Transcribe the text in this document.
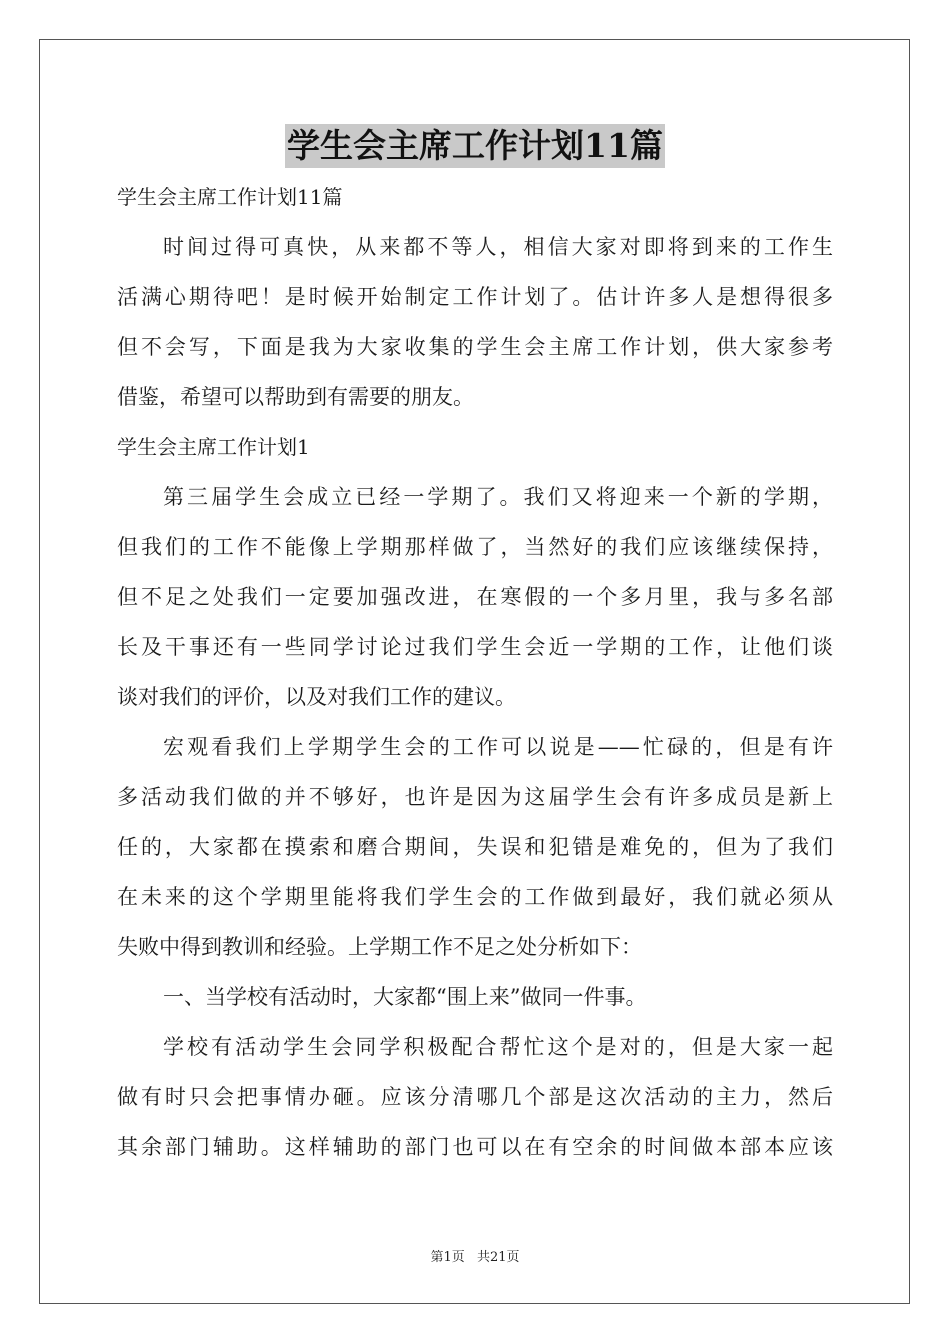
学生会主席工作计划11篇

学生会主席工作计划11篇

时间过得可真快，从来都不等人，相信大家对即将到来的工作生

活满心期待吧！是时候开始制定工作计划了。估计许多人是想得很多

但不会写，下面是我为大家收集的学生会主席工作计划，供大家参考

借鉴，希望可以帮助到有需要的朋友。

学生会主席工作计划1

第三届学生会成立已经一学期了。我们又将迎来一个新的学期，

但我们的工作不能像上学期那样做了，当然好的我们应该继续保持，

但不足之处我们一定要加强改进，在寒假的一个多月里，我与多名部

长及干事还有一些同学讨论过我们学生会近一学期的工作，让他们谈

谈对我们的评价，以及对我们工作的建议。

宏观看我们上学期学生会的工作可以说是——忙碌的，但是有许

多活动我们做的并不够好，也许是因为这届学生会有许多成员是新上

任的，大家都在摸索和磨合期间，失误和犯错是难免的，但为了我们

在未来的这个学期里能将我们学生会的工作做到最好，我们就必须从

失败中得到教训和经验。上学期工作不足之处分析如下：

一、当学校有活动时，大家都“围上来”做同一件事。

学校有活动学生会同学积极配合帮忙这个是对的，但是大家一起

做有时只会把事情办砸。应该分清哪几个部是这次活动的主力，然后

其余部门辅助。这样辅助的部门也可以在有空余的时间做本部本应该

第1页 共21页
